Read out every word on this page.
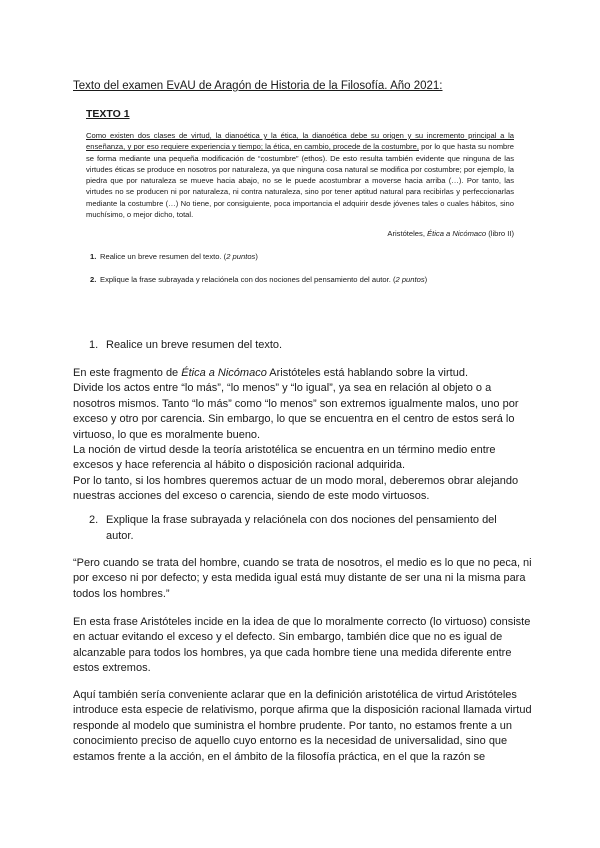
Texto del examen EvAU de Aragón de Historia de la Filosofía. Año 2021:
TEXTO 1

Como existen dos clases de virtud, la dianoética y la ética, la dianoética debe su origen y su incremento principal a la enseñanza, y por eso requiere experiencia y tiempo; la ética, en cambio, procede de la costumbre, por lo que hasta su nombre se forma mediante una pequeña modificación de “costumbre” (ethos). De esto resulta también evidente que ninguna de las virtudes éticas se produce en nosotros por naturaleza, ya que ninguna cosa natural se modifica por costumbre; por ejemplo, la piedra que por naturaleza se mueve hacia abajo, no se le puede acostumbrar a moverse hacia arriba (…). Por tanto, las virtudes no se producen ni por naturaleza, ni contra naturaleza, sino por tener aptitud natural para recibirlas y perfeccionarlas mediante la costumbre (…) No tiene, por consiguiente, poca importancia el adquirir desde jóvenes tales o cuales hábitos, sino muchísimo, o mejor dicho, total.

Aristóteles, Ética a Nicómaco (libro II)

1. Realice un breve resumen del texto. (2 puntos)

2. Explique la frase subrayada y relaciónela con dos nociones del pensamiento del autor. (2 puntos)

1. Realice un breve resumen del texto.

En este fragmento de Ética a Nicómaco Aristóteles está hablando sobre la virtud.

Divide los actos entre “lo más”, “lo menos” y “lo igual”, ya sea en relación al objeto o a nosotros mismos. Tanto “lo más” como “lo menos” son extremos igualmente malos, uno por exceso y otro por carencia. Sin embargo, lo que se encuentra en el centro de estos será lo virtuoso, lo que es moralmente bueno.

La noción de virtud desde la teoría aristotélica se encuentra en un término medio entre excesos y hace referencia al hábito o disposición racional adquirida.

Por lo tanto, si los hombres queremos actuar de un modo moral, deberemos obrar alejando nuestras acciones del exceso o carencia, siendo de este modo virtuosos.

2. Explique la frase subrayada y relaciónela con dos nociones del pensamiento del autor.

“Pero cuando se trata del hombre, cuando se trata de nosotros, el medio es lo que no peca, ni por exceso ni por defecto; y esta medida igual está muy distante de ser una ni la misma para todos los hombres.”

En esta frase Aristóteles incide en la idea de que lo moralmente correcto (lo virtuoso) consiste en actuar evitando el exceso y el defecto. Sin embargo, también dice que no es igual de alcanzable para todos los hombres, ya que cada hombre tiene una medida diferente entre estos extremos.

Aquí también sería conveniente aclarar que en la definición aristotélica de virtud Aristóteles introduce esta especie de relativismo, porque afirma que la disposición racional llamada virtud responde al modelo que suministra el hombre prudente. Por tanto, no estamos frente a un conocimiento preciso de aquello cuyo entorno es la necesidad de universalidad, sino que estamos frente a la acción, en el ámbito de la filosofía práctica, en el que la razón se
